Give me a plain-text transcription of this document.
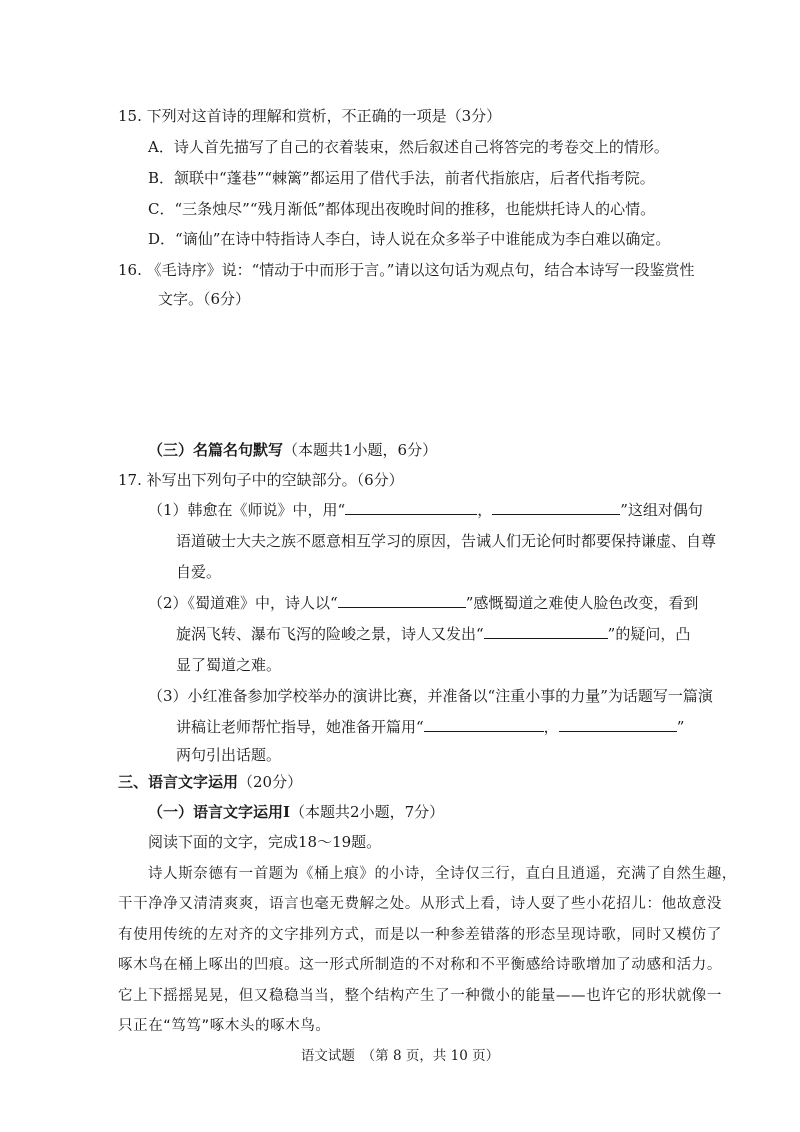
15. 下列对这首诗的理解和赏析，不正确的一项是（3分）
A．诗人首先描写了自己的衣着装束，然后叙述自己将答完的考卷交上的情形。
B．颔联中“蓬巷”“棘篱”都运用了借代手法，前者代指旅店，后者代指考院。
C．“三条烛尽”“残月渐低”都体现出夜晚时间的推移，也能烘托诗人的心情。
D．“谪仙”在诗中特指诗人李白，诗人说在众多举子中谁能成为李白难以确定。
16. 《毛诗序》说：“情动于中而形于言。”请以这句话为观点句，结合本诗写一段鉴赏性
文字。（6分）
（三）名篇名句默写（本题共1小题，6分）
17. 补写出下列句子中的空缺部分。（6分）
（1）韩愈在《师说》中，用“	，	”这组对偶句
语道破士大夫之族不愿意相互学习的原因，告诫人们无论何时都要保持谦虚、自尊
自爱。
（2）《蜀道难》中，诗人以“	”感慨蜀道之难使人脸色改变，看到
旋涡飞转、瀑布飞泻的险峻之景，诗人又发出“	”的疑问，凸
显了蜀道之难。
（3）小红准备参加学校举办的演讲比赛，并准备以“注重小事的力量”为话题写一篇演
讲稿让老师帮忙指导，她准备开篇用“	，	”
两句引出话题。
三、语言文字运用（20分）
（一）语言文字运用Ⅰ（本题共2小题，7分）
阅读下面的文字，完成18～19题。
诗人斯奈德有一首题为《桶上痕》的小诗，全诗仅三行，直白且逍遥，充满了自然生趣，
干干净净又清清爽爽，语言也毫无费解之处。从形式上看，诗人耍了些小花招儿：他故意没
有使用传统的左对齐的文字排列方式，而是以一种参差错落的形态呈现诗歌，同时又模仿了
啄木鸟在桶上啄出的凹痕。这一形式所制造的不对称和不平衡感给诗歌增加了动感和活力。
它上下摇摇晃晃，但又稳稳当当，整个结构产生了一种微小的能量——也许它的形状就像一
只正在“笃笃”啄木头的啄木鸟。
语文试题　（第 8 页，共 10 页）
